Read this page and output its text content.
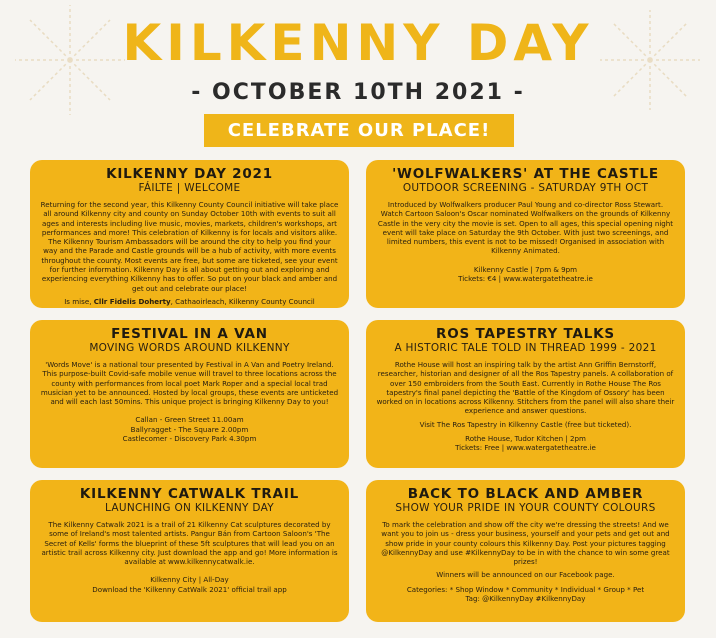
KILKENNY DAY
- OCTOBER 10TH 2021 -
CELEBRATE OUR PLACE!
KILKENNY DAY 2021
FÁILTE | WELCOME

Returning for the second year, this Kilkenny County Council initiative will take place all around Kilkenny city and county on Sunday October 10th with events to suit all ages and interests including live music, movies, markets, children's workshops, art performances and more! This celebration of Kilkenny is for locals and visitors alike. The Kilkenny Tourism Ambassadors will be around the city to help you find your way and the Parade and Castle grounds will be a hub of activity, with more events throughout the county. Most events are free, but some are ticketed, see your event for further information. Kilkenny Day is all about getting out and exploring and experiencing everything Kilkenny has to offer. So put on your black and amber and get out and celebrate our place!

Is mise, Cllr Fidelis Doherty, Cathaoirleach, Kilkenny County Council
'WOLFWALKERS' AT THE CASTLE
OUTDOOR SCREENING - SATURDAY 9TH OCT

Introduced by Wolfwalkers producer Paul Young and co-director Ross Stewart. Watch Cartoon Saloon's Oscar nominated Wolfwalkers on the grounds of Kilkenny Castle in the very city the movie is set. Open to all ages, this special opening night event will take place on Saturday the 9th October. With just two screenings, and limited numbers, this event is not to be missed! Organised in association with Kilkenny Animated.

Kilkenny Castle | 7pm & 9pm
Tickets: €4 | www.watergatetheatre.ie
FESTIVAL IN A VAN
MOVING WORDS AROUND KILKENNY

'Words Move' is a national tour presented by Festival in A Van and Poetry Ireland. This purpose-built Covid-safe mobile venue will travel to three locations across the county with performances from local poet Mark Roper and a special local trad musician yet to be announced. Hosted by local groups, these events are unticketed and will each last 50mins. This unique project is bringing Kilkenny Day to you!

Callan - Green Street 11.00am
Ballyragget - The Square 2.00pm
Castlecomer - Discovery Park 4.30pm
ROS TAPESTRY TALKS
A HISTORIC TALE TOLD IN THREAD 1999 - 2021

Rothe House will host an inspiring talk by the artist Ann Griffin Bernstorff, researcher, historian and designer of all the Ros Tapestry panels. A collaboration of over 150 embroiders from the South East. Currently in Rothe House The Ros tapestry's final panel depicting the 'Battle of the Kingdom of Ossory' has been worked on in locations across Kilkenny. Stitchers from the panel will also share their experience and answer questions.

Visit The Ros Tapestry in Kilkenny Castle (free but ticketed).
Rothe House, Tudor Kitchen | 2pm
Tickets: Free | www.watergatetheatre.ie
KILKENNY CATWALK TRAIL
LAUNCHING ON KILKENNY DAY

The Kilkenny Catwalk 2021 is a trail of 21 Kilkenny Cat sculptures decorated by some of Ireland's most talented artists. Pangur Bán from Cartoon Saloon's 'The Secret of Kells' forms the blueprint of these 5ft sculptures that will lead you on an artistic trail across Kilkenny city. Just download the app and go! More information is available at www.kilkennycatwalk.ie.

Kilkenny City | All-Day
Download the 'Kilkenny CatWalk 2021' official trail app
BACK TO BLACK AND AMBER
SHOW YOUR PRIDE IN YOUR COUNTY COLOURS

To mark the celebration and show off the city we're dressing the streets! And we want you to join us - dress your business, yourself and your pets and get out and show pride in your county colours this Kilkenny Day. Post your pictures tagging @KilkennyDay and use #KilkennyDay to be in with the chance to win some great prizes!

Winners will be announced on our Facebook page.
Categories: * Shop Window * Community * Individual * Group * Pet
Tag: @KilkennyDay #KilkennyDay
